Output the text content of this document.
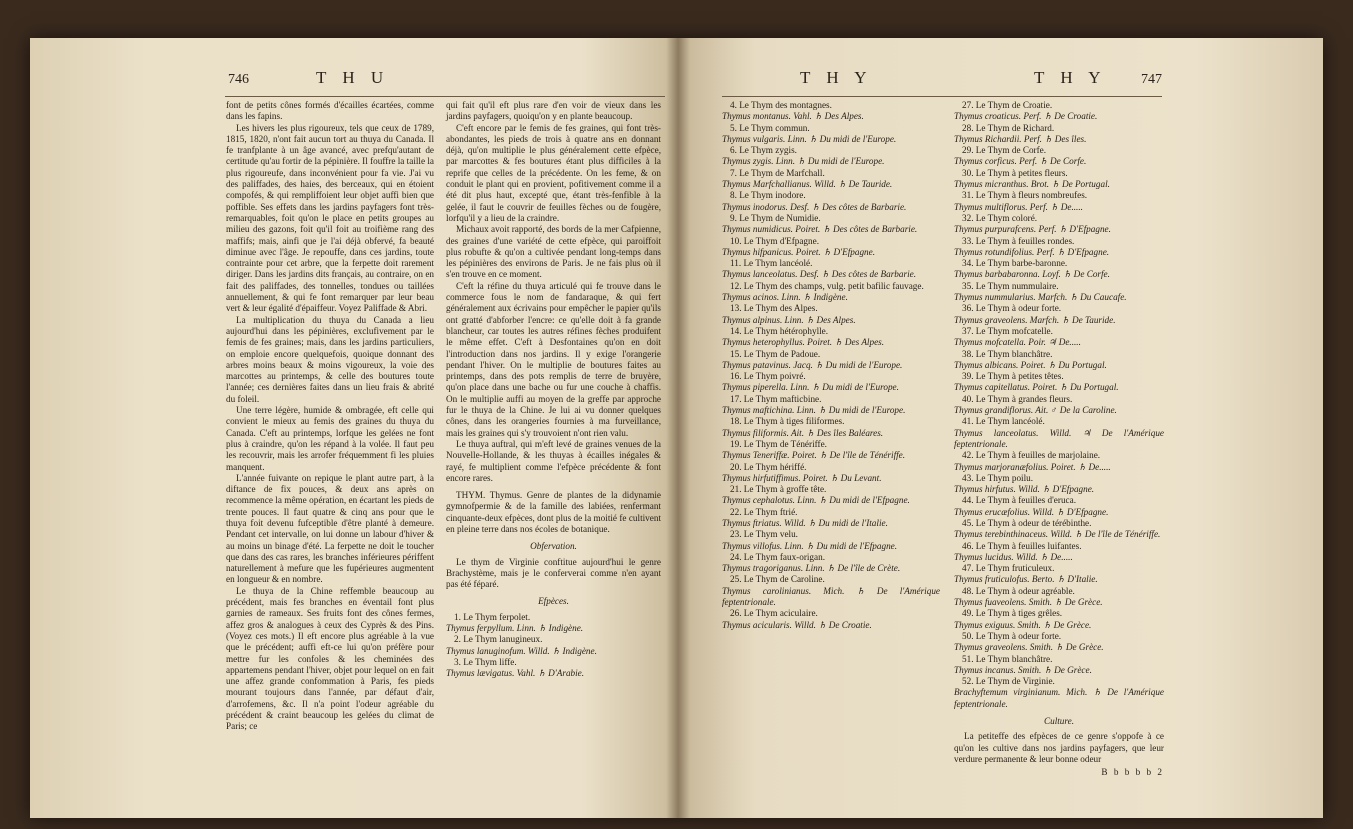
746	T H U

font de petits cônes formés d'écailles écartées, comme dans les fapins.

Les hivers les plus rigoureux, tels que ceux de 1789, 1815, 1820, n'ont fait aucun tort au thuya du Canada. Il fe tranfplante à un âge avancé, avec prefqu'autant de certitude qu'au fortir de la pépinière. Il fouffre la taille la plus rigoureufe, dans inconvénient pour fa vie. J'ai vu des paliffades, des haies, des berceaux, qui en étoient compofés, & qui rempliffoient leur objet auffi bien que poffible. Ses effets dans les jardins payfagers font très-remarquables, foit qu'on le place en petits groupes au milieu des gazons, foit qu'il foit au troifième rang des maffifs; mais, ainfi que je l'ai déjà obfervé, fa beauté diminue avec l'âge. Je repouffe, dans ces jardins, toute contrainte pour cet arbre, que la ferpette doit rarement diriger. Dans les jardins dits français, au contraire, on en fait des paliffades, des tonnelles, tondues ou taillées annuellement, & qui fe font remarquer par leur beau vert & leur égalité d'épaiffeur. Voyez Paliffade & Abri.

La multiplication du thuya du Canada a lieu aujourd'hui dans les pépinières, exclufivement par le femis de fes graines; mais, dans les jardins particuliers, on emploie encore quelquefois, quoique donnant des arbres moins beaux & moins vigoureux, la voie des marcottes au printemps, & celle des boutures toute l'année; ces dernières faites dans un lieu frais & abrité du foleil.

Une terre légère, humide & ombragée, eft celle qui convient le mieux au femis des graines du thuya du Canada. C'eft au printemps, lorfque les gelées ne font plus à craindre, qu'on les répand à la volée. Il faut peu les recouvrir, mais les arrofer fréquemment fi les pluies manquent.

L'année fuivante on repique le plant autre part, à la diftance de fix pouces, & deux ans après on recommence la même opération, en écartant les pieds de trente pouces. Il faut quatre & cinq ans pour que le thuya foit devenu fufceptible d'être planté à demeure. Pendant cet intervalle, on lui donne un labour d'hiver & au moins un binage d'été. La ferpette ne doit le toucher que dans des cas rares, les branches inférieures périffent naturellement à mefure que les fupérieures augmentent en longueur & en nombre.

Le thuya de la Chine reffemble beaucoup au précédent, mais fes branches en éventail font plus garnies de rameaux. Ses fruits font des cônes fermes, affez gros & analogues à ceux des Cyprès & des Pins. (Voyez ces mots.) Il eft encore plus agréable à la vue que le précédent; auffi eft-ce lui qu'on préfère pour mettre fur les confoles & les cheminées des appartemens pendant l'hiver, objet pour lequel on en fait une affez grande confommation à Paris, fes pieds mourant toujours dans l'année, par défaut d'air, d'arrofemens, &c. Il n'a point l'odeur agréable du précédent & craint beaucoup les gelées du climat de Paris; ce

qui fait qu'il eft plus rare d'en voir de vieux dans les jardins payfagers, quoiqu'on y en plante beaucoup.

C'eft encore par le femis de fes graines, qui font très-abondantes, les pieds de trois à quatre ans en donnant déjà, qu'on multiplie le plus généralement cette efpèce, par marcottes & fes boutures étant plus difficiles à la reprife que celles de la précédente. On les feme, & on conduit le plant qui en provient, pofitivement comme il a été dit plus haut, excepté que, étant très-fenfible à la gelée, il faut le couvrir de feuilles fèches ou de fougère, lorfqu'il y a lieu de la craindre.

Michaux avoit rapporté, des bords de la mer Cafpienne, des graines d'une variété de cette efpèce, qui paroiffoit plus robufte & qu'on a cultivée pendant long-temps dans les pépinières des environs de Paris. Je ne fais plus où il s'en trouve en ce moment.

C'eft la réfine du thuya articulé qui fe trouve dans le commerce fous le nom de fandaraque, & qui fert généralement aux écrivains pour empêcher le papier qu'ils ont gratté d'abforber l'encre: ce qu'elle doit à fa grande blancheur, car toutes les autres réfines fèches produifent le même effet. C'eft à Desfontaines qu'on en doit l'introduction dans nos jardins. Il y exige l'orangerie pendant l'hiver. On le multiplie de boutures faites au printemps, dans des pots remplis de terre de bruyère, qu'on place dans une bache ou fur une couche à chaffis. On le multiplie auffi au moyen de la greffe par approche fur le thuya de la Chine. Je lui ai vu donner quelques cônes, dans les orangeries fournies à ma furveillance, mais les graines qui s'y trouvoient n'ont rien valu.

Le thuya auftral, qui m'eft levé de graines venues de la Nouvelle-Hollande, & les thuyas à écailles inégales & rayé, fe multiplient comme l'efpèce précédente & font encore rares.

THYM. Thymus. Genre de plantes de la didynamie gymnofpermie & de la famille des labiées, renfermant cinquante-deux efpèces, dont plus de la moitié fe cultivent en pleine terre dans nos écoles de botanique.

Obfervation.

Le thym de Virginie conftitue aujourd'hui le genre Brachystème, mais je le conferverai comme n'en ayant pas été féparé.

Efpèces.
1. Le Thym ferpolet.
Thymus ferpyllum. Linn. ♄ Indigène.
2. Le Thym lanugineux.
Thymus lanuginofum. Willd. ♄ Indigène.
3. Le Thym liffe.
Thymus lævigatus. Vahl. ♄ D'Arabie.
T H Y	T H Y 747
4. Le Thym des montagnes.
Thymus montanus. Vahl. ♄ Des Alpes.
5. Le Thym commun.
Thymus vulgaris. Linn. ♄ Du midi de l'Europe.
6. Le Thym zygis.
Thymus zygis. Linn. ♄ Du midi de l'Europe.
7. Le Thym de Marfchall.
Thymus Marfchallianus. Willd. ♄ De Tauride.
8. Le Thym inodore.
Thymus inodorus. Desf. ♄ Des côtes de Barbarie.
9. Le Thym de Numidie.
Thymus numidicus. Poiret. ♄ Des côtes de Barbarie.
10. Le Thym d'Efpagne.
Thymus hifpanicus. Poiret. ♄ D'Efpagne.
11. Le Thym lancéolé.
Thymus lanceolatus. Desf. ♄ Des côtes de Barbarie.
12. Le Thym des champs, vulg. petit bafilic fauvage.
Thymus acinos. Linn. ♄ Indigène.
13. Le Thym des Alpes.
Thymus alpinus. Linn. ♄ Des Alpes.
14. Le Thym hétérophylle.
Thymus heterophyllus. Poiret. ♄ Des Alpes.
15. Le Thym de Padoue.
Thymus patavinus. Jacq. ♄ Du midi de l'Europe.
16. Le Thym poivré.
Thymus piperella. Linn. ♄ Du midi de l'Europe.
17. Le Thym mafticbine.
Thymus maftichina. Linn. ♄ Du midi de l'Europe.
18. Le Thym à tiges filiformes.
Thymus filiformis. Ait. ♄ Des îles Baléares.
19. Le Thym de Ténériffe.
Thymus Teneriffæ. Poiret. ♄ De l'île de Ténériffe.
20. Le Thym hériffé.
Thymus hirfutiffimus. Poiret. ♄ Du Levant.
21. Le Thym à groffe tête.
Thymus cephalotus. Linn. ♄ Du midi de l'Efpagne.
22. Le Thym ftrié.
Thymus ftriatus. Willd. ♄ Du midi de l'Italie.
23. Le Thym velu.
Thymus villofus. Linn. ♄ Du midi de l'Efpagne.
24. Le Thym faux-origan.
Thymus tragoriganus. Linn. ♄ De l'île de Crète.
25. Le Thym de Caroline.
Thymus carolinianus. Mich. ♄ De l'Amérique feptentrionale.
26. Le Thym aciculaire.
Thymus acicularis. Willd. ♄ De Croatie.
27. Le Thym de Croatie.
Thymus croaticus. Perf. ♄ De Croatie.
28. Le Thym de Richard.
Thymus Richardii. Perf. ♄ Des îles.
29. Le Thym de Corfe.
Thymus corficus. Perf. ♄ De Corfe.
30. Le Thym à petites fleurs.
Thymus micranthus. Brot. ♄ De Portugal.
31. Le Thym à fleurs nombreufes.
Thymus multiflorus. Perf. ♄ De.....
32. Le Thym coloré.
Thymus purpurafcens. Perf. ♄ D'Efpagne.
33. Le Thym à feuilles rondes.
Thymus rotundifolius. Perf. ♄ D'Efpagne.
34. Le Thym barbe-baronne.
Thymus barbabaronna. Loyf. ♄ De Corfe.
35. Le Thym nummulaire.
Thymus nummularius. Marfch. ♄ Du Caucafe.
36. Le Thym à odeur forte.
Thymus graveolens. Marfch. ♄ De Tauride.
37. Le Thym mofcatelle.
Thymus mofcatella. Poir. ♃ De.....
38. Le Thym blanchâtre.
Thymus albicans. Poiret. ♄ Du Portugal.
39. Le Thym à petites têtes.
Thymus capitellatus. Poiret. ♄ Du Portugal.
40. Le Thym à grandes fleurs.
Thymus grandiflorus. Ait. ♂ De la Caroline.
41. Le Thym lancéolé.
Thymus lanceolatus. Willd. ♃ De l'Amérique feptentrionale.
42. Le Thym à feuilles de marjolaine.
Thymus marjoranæfolius. Poiret. ♄ De.....
43. Le Thym poilu.
Thymus hirfutus. Willd. ♄ D'Efpagne.
44. Le Thym à feuilles d'eruca.
Thymus erucæfolius. Willd. ♄ D'Efpagne.
45. Le Thym à odeur de térébinthe.
Thymus terebinthinaceus. Willd. ♄ De l'île de Ténériffe.
46. Le Thym à feuilles luifantes.
Thymus lucidus. Willd. ♄ De.....
47. Le Thym fruticuleux.
Thymus fruticulofus. Berto. ♄ D'Italie.
48. Le Thym à odeur agréable.
Thymus fuaveolens. Smith. ♄ De Grèce.
49. Le Thym à tiges grêles.
Thymus exiguus. Smith. ♄ De Grèce.
50. Le Thym à odeur forte.
Thymus graveolens. Smith. ♄ De Grèce.
51. Le Thym blanchâtre.
Thymus incanus. Smith. ♄ De Grèce.
52. Le Thym de Virginie.
Brachyftemum virginianum. Mich. ♄ De l'Amérique feptentrionale.
Culture.

La petiteffe des efpèces de ce genre s'oppofe à ce qu'on les cultive dans nos jardins payfagers, que leur verdure permanente & leur bonne odeur

B b b b b 2
